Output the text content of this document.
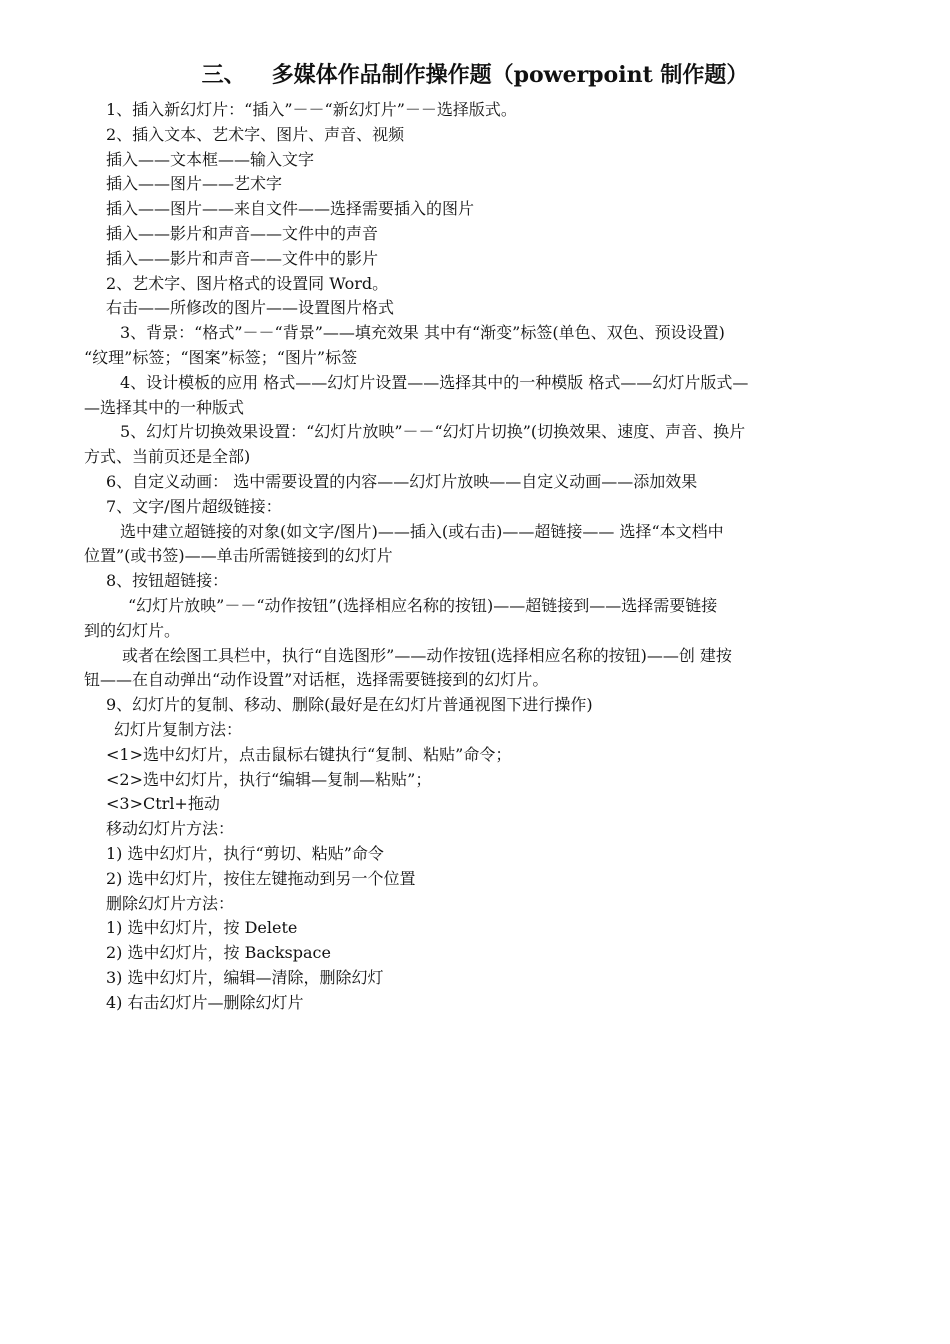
三、 多媒体作品制作操作题（powerpoint 制作题）
1、插入新幻灯片：“插入”－－“新幻灯片”－－选择版式。
2、插入文本、艺术字、图片、声音、视频
插入——文本框——输入文字
插入——图片——艺术字
插入——图片——来自文件——选择需要插入的图片
插入——影片和声音——文件中的声音
插入——影片和声音——文件中的影片
2、艺术字、图片格式的设置同 Word。
右击——所修改的图片——设置图片格式
3、背景：“格式”－－“背景”——填充效果 其中有“渐变”标签(单色、双色、预设设置)
“纹理”标签；“图案”标签；“图片”标签
4、设计模板的应用 格式——幻灯片设置——选择其中的一种模版 格式——幻灯片版式—
—选择其中的一种版式
5、幻灯片切换效果设置：“幻灯片放映”－－“幻灯片切换”(切换效果、速度、声音、换片
方式、当前页还是全部)
6、自定义动画： 选中需要设置的内容——幻灯片放映——自定义动画——添加效果
7、文字/图片超级链接：
选中建立超链接的对象(如文字/图片)——插入(或右击)——超链接—— 选择“本文档中
位置”(或书签)——单击所需链接到的幻灯片
8、按钮超链接：
“幻灯片放映”－－“动作按钮”(选择相应名称的按钮)——超链接到——选择需要链接
到的幻灯片。
或者在绘图工具栏中，执行“自选图形”——动作按钮(选择相应名称的按钮)——创 建按
钮——在自动弹出“动作设置”对话框，选择需要链接到的幻灯片。
9、幻灯片的复制、移动、删除(最好是在幻灯片普通视图下进行操作)
幻灯片复制方法：
<1>选中幻灯片，点击鼠标右键执行“复制、粘贴”命令；
<2>选中幻灯片，执行“编辑—复制—粘贴”；
<3>Ctrl+拖动
移动幻灯片方法：
1) 选中幻灯片，执行“剪切、粘贴”命令
2) 选中幻灯片，按住左键拖动到另一个位置
删除幻灯片方法：
1) 选中幻灯片，按 Delete
2) 选中幻灯片，按 Backspace
3) 选中幻灯片，编辑—清除，删除幻灯
4) 右击幻灯片—删除幻灯片
